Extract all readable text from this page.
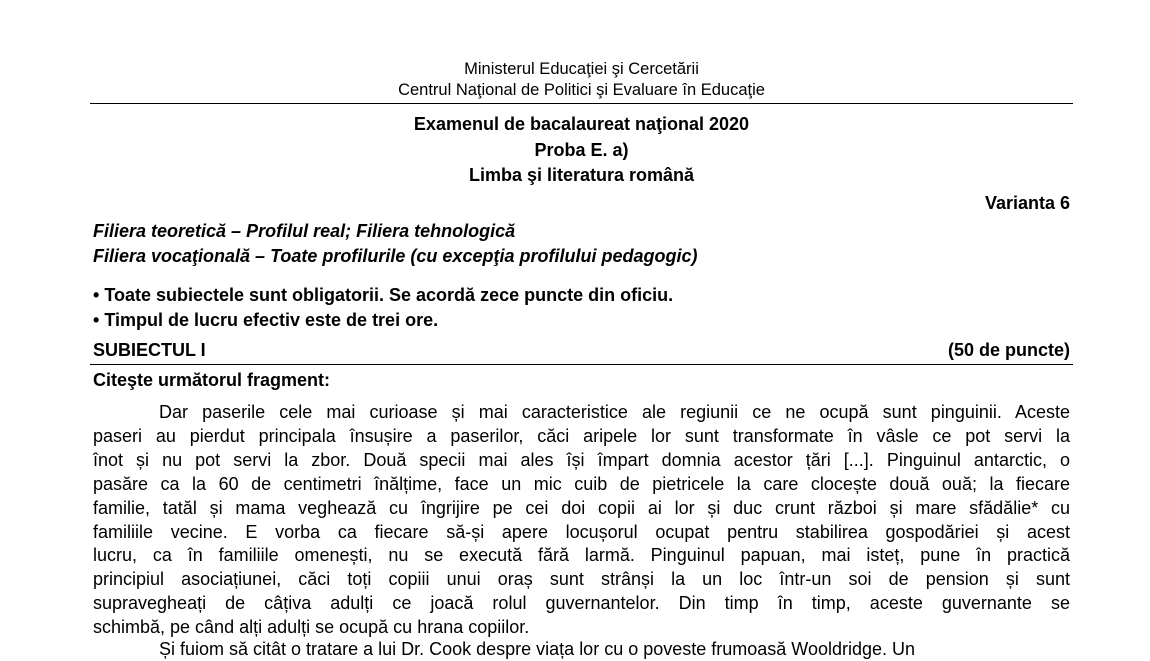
Ministerul Educaţiei şi Cercetării
Centrul Naţional de Politici şi Evaluare în Educaţie
Examenul de bacalaureat naţional 2020
Proba E. a)
Limba şi literatura română
Varianta 6
Filiera teoretică – Profilul real; Filiera tehnologică
Filiera vocaţională – Toate profilurile (cu excepţia profilului pedagogic)
• Toate subiectele sunt obligatorii. Se acordă zece puncte din oficiu.
• Timpul de lucru efectiv este de trei ore.
SUBIECTUL I	(50 de puncte)
Citeşte următorul fragment:
Dar paserile cele mai curioase și mai caracteristice ale regiunii ce ne ocupă sunt pinguinii. Aceste
paseri au pierdut principala însușire a paserilor, căci aripele lor sunt transformate în vâsle ce pot servi la
înot și nu pot servi la zbor. Două specii mai ales își împart domnia acestor țări [...]. Pinguinul antarctic, o
pasăre ca la 60 de centimetri înălțime, face un mic cuib de pietricele la care clocește două ouă; la fiecare
familie, tatăl și mama veghează cu îngrijire pe cei doi copii ai lor și duc crunt război și mare sfădălie* cu
familiile vecine. E vorba ca fiecare să-și apere locușorul ocupat pentru stabilirea gospodăriei și acest
lucru, ca în familiile omenești, nu se execută fără larmă. Pinguinul papuan, mai isteț, pune în practică
principiul asociațiunei, căci toți copiii unui oraș sunt strânși la un loc într-un soi de pension și sunt
supravegheați de câțiva adulți ce joacă rolul guvernantelor. Din timp în timp, aceste guvernante se
schimbă, pe când alți adulți se ocupă cu hrana copiilor.
Și fuiom să citât o tratare a lui Dr. Cook despre viața lor cu o poveste frumoasă Wooldridge. Un
